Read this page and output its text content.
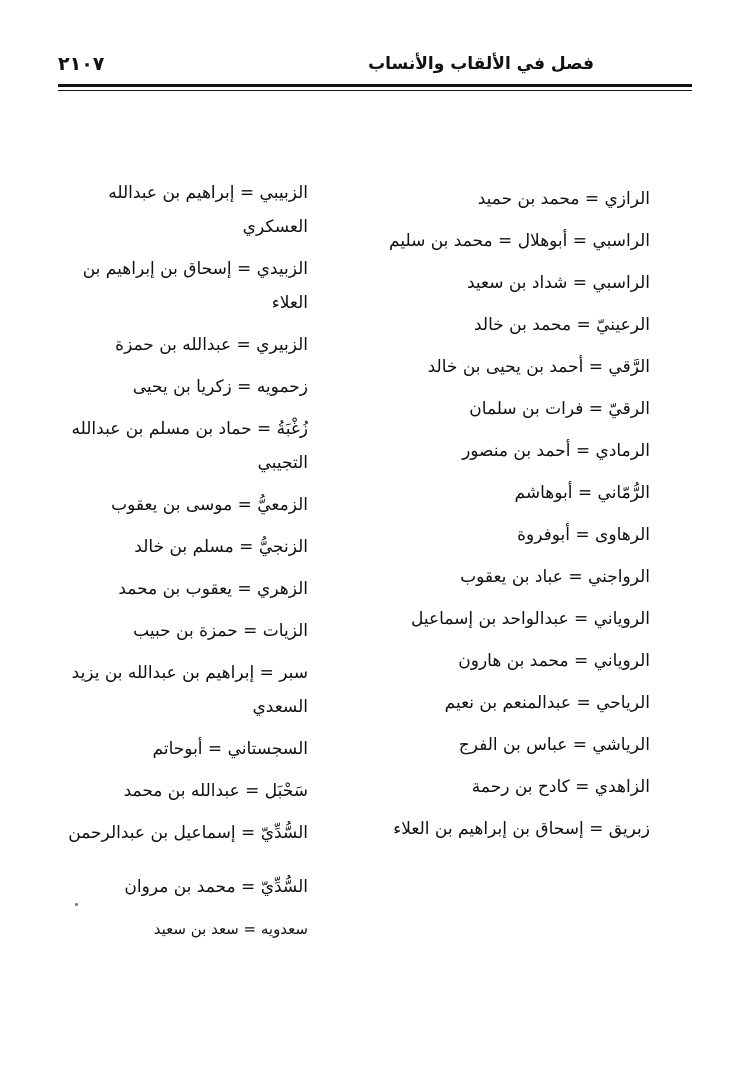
فصل في الألقاب والأنساب
٢١٠٧
الرازي = محمد بن حميد
الراسبي = أبوهلال = محمد بن سليم
الراسبي = شداد بن سعيد
الرعينيّ = محمد بن خالد
الرَّقي = أحمد بن يحيى بن خالد
الرقيّ = فرات بن سلمان
الرمادي = أحمد بن منصور
الرُّمّاني = أبوهاشم
الرهاوى = أبوفروة
الرواجني = عباد بن يعقوب
الروياني = عبدالواحد بن إسماعيل
الروياني = محمد بن هارون
الرياحي = عبدالمنعم بن نعيم
الرياشي = عباس بن الفرج
الزاهدي = كادح بن رحمة
زبريق = إسحاق بن إبراهيم بن العلاء
الزبيبي = إبراهيم بن عبدالله العسكري
الزبيدي = إسحاق بن إبراهيم بن العلاء
الزبيري = عبدالله بن حمزة
زحمويه = زكريا بن يحيى
زُغْبَةُ = حماد بن مسلم بن عبدالله التجيبي
الزمعيُّ = موسى بن يعقوب
الزنجيُّ = مسلم بن خالد
الزهري = يعقوب بن محمد
الزيات = حمزة بن حبيب
سبر = إبراهيم بن عبدالله بن يزيد السعدي
السجستاني = أبوحاتم
سَحْبَل = عبدالله بن محمد
السُّدِّيّ = إسماعيل بن عبدالرحمن
السُّدِّيّ = محمد بن مروان
سعدويه = سعد بن سعيد
